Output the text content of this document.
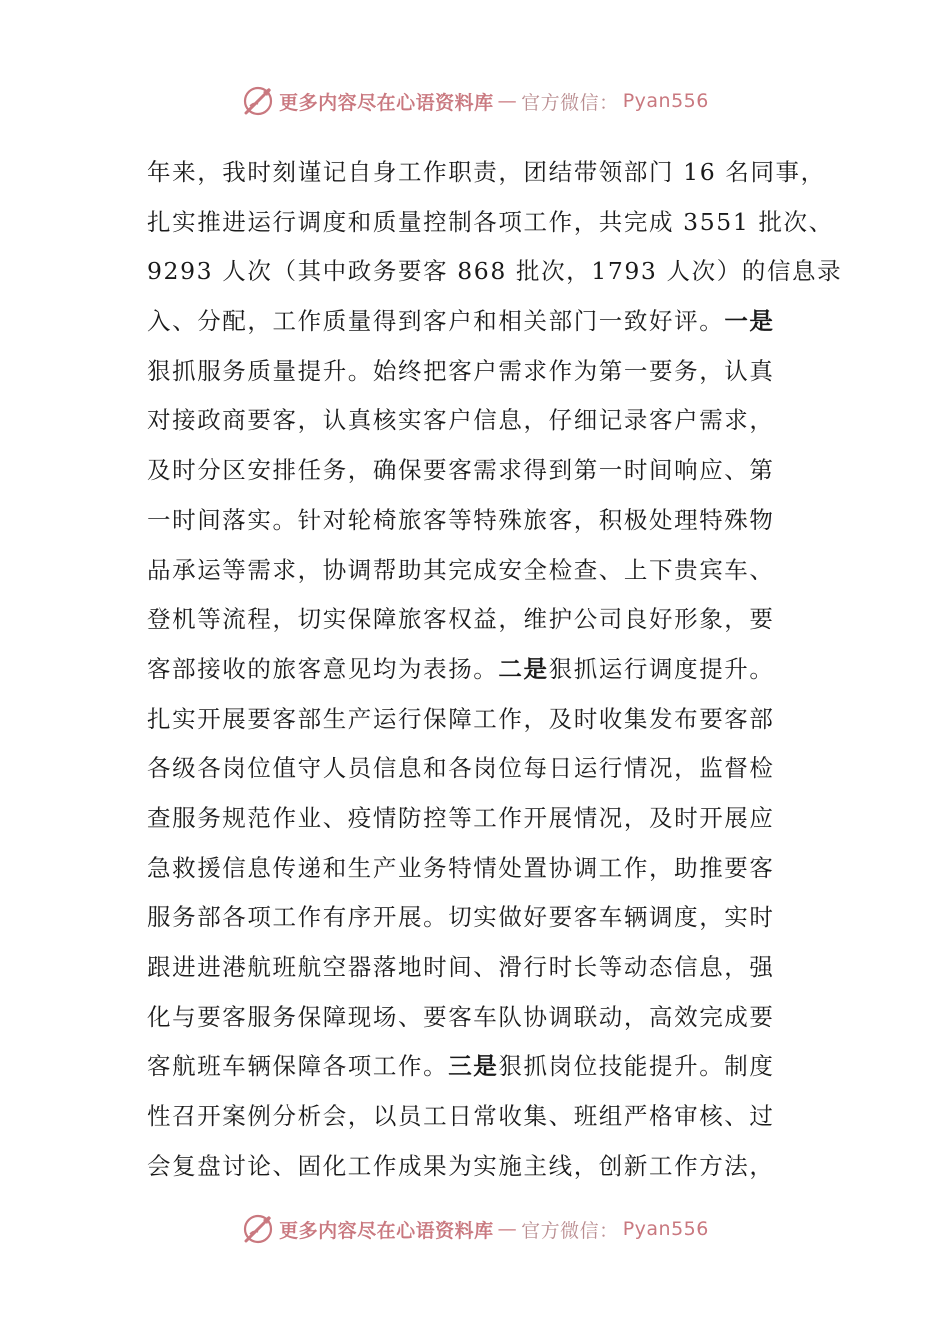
更多内容尽在心语资料库 — 官方微信： Pyan556
年来，我时刻谨记自身工作职责，团结带领部门 16 名同事，
扎实推进运行调度和质量控制各项工作，共完成 3551 批次、
9293 人次（其中政务要客 868 批次，1793 人次）的信息录
入、分配，工作质量得到客户和相关部门一致好评。一是
狠抓服务质量提升。始终把客户需求作为第一要务，认真
对接政商要客，认真核实客户信息，仔细记录客户需求，
及时分区安排任务，确保要客需求得到第一时间响应、第
一时间落实。针对轮椅旅客等特殊旅客，积极处理特殊物
品承运等需求，协调帮助其完成安全检查、上下贵宾车、
登机等流程，切实保障旅客权益，维护公司良好形象，要
客部接收的旅客意见均为表扬。二是狠抓运行调度提升。
扎实开展要客部生产运行保障工作，及时收集发布要客部
各级各岗位值守人员信息和各岗位每日运行情况，监督检
查服务规范作业、疫情防控等工作开展情况，及时开展应
急救援信息传递和生产业务特情处置协调工作，助推要客
服务部各项工作有序开展。切实做好要客车辆调度，实时
跟进进港航班航空器落地时间、滑行时长等动态信息，强
化与要客服务保障现场、要客车队协调联动，高效完成要
客航班车辆保障各项工作。三是狠抓岗位技能提升。制度
性召开案例分析会，以员工日常收集、班组严格审核、过
会复盘讨论、固化工作成果为实施主线，创新工作方法，
更多内容尽在心语资料库 — 官方微信： Pyan556
